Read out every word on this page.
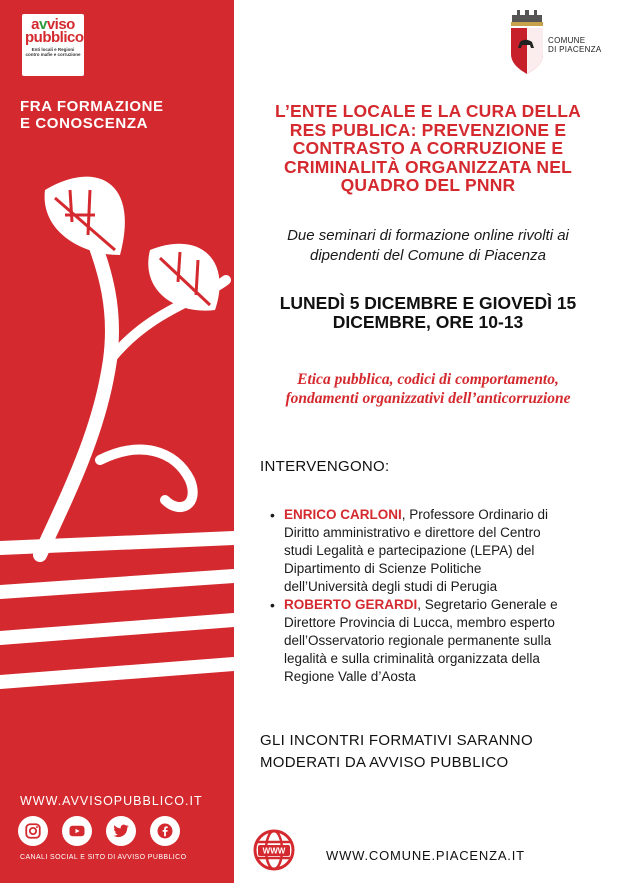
avviso
pubblico
Enti locali e Regioni contro mafie e corruzione
FRA FORMAZIONE
E CONOSCENZA
WWW.AVVISOPUBBLICO.IT
CANALI SOCIAL E SITO DI AVVISO PUBBLICO
COMUNE
DI PIACENZA
L’ENTE LOCALE E LA CURA DELLA
RES PUBLICA: PREVENZIONE E
CONTRASTO A CORRUZIONE E
CRIMINALITÀ ORGANIZZATA NEL
QUADRO DEL PNNR
Due seminari di formazione online rivolti ai
dipendenti del Comune di Piacenza
LUNEDÌ 5 DICEMBRE E GIOVEDÌ 15
DICEMBRE, ORE 10-13
Etica pubblica, codici di comportamento,
fondamenti organizzativi dell’anticorruzione
INTERVENGONO:
• ENRICO CARLONI, Professore Ordinario di
Diritto amministrativo e direttore del Centro
studi Legalità e partecipazione (LEPA) del
Dipartimento di Scienze Politiche
dell’Università degli studi di Perugia
• ROBERTO GERARDI, Segretario Generale e
Direttore Provincia di Lucca, membro esperto
dell’Osservatorio regionale permanente sulla
legalità e sulla criminalità organizzata della
Regione Valle d’Aosta
GLI INCONTRI FORMATIVI SARANNO
MODERATI DA AVVISO PUBBLICO
WWW	WWW.COMUNE.PIACENZA.IT
